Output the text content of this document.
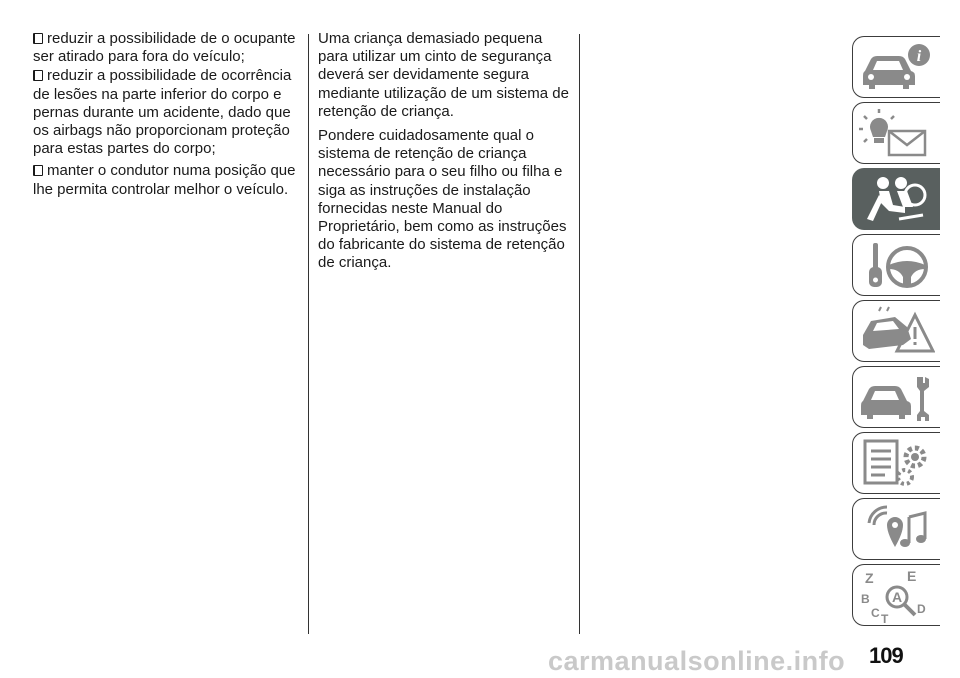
reduzir a possibilidade de o ocupante ser atirado para fora do veículo;

reduzir a possibilidade de ocorrência de lesões na parte inferior do corpo e pernas durante um acidente, dado que os airbags não proporcionam proteção para estas partes do corpo;

manter o condutor numa posição que lhe permita controlar melhor o veículo.

Uma criança demasiado pequena para utilizar um cinto de segurança deverá ser devidamente segura mediante utilização de um sistema de retenção de criança.

Pondere cuidadosamente qual o sistema de retenção de criança necessário para o seu filho ou filha e siga as instruções de instalação fornecidas neste Manual do Proprietário, bem como as instruções do fabricante do sistema de retenção de criança.

i
Z E
B
C T
D
A
carmanualsonline.info 109
